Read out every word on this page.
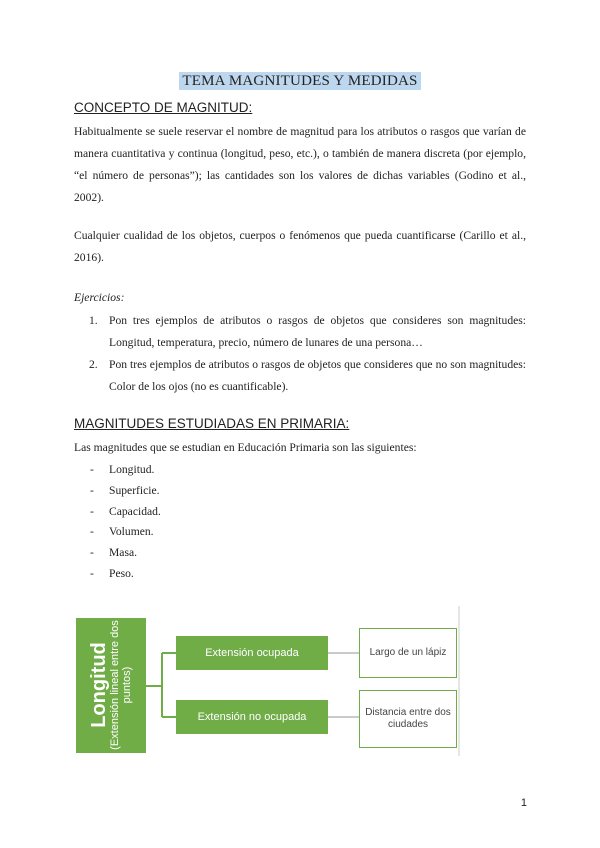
TEMA MAGNITUDES Y MEDIDAS
CONCEPTO DE MAGNITUD:
Habitualmente se suele reservar el nombre de magnitud para los atributos o rasgos que varían de manera cuantitativa y continua (longitud, peso, etc.), o también de manera discreta (por ejemplo, “el número de personas”); las cantidades son los valores de dichas variables (Godino et al., 2002).
Cualquier cualidad de los objetos, cuerpos o fenómenos que pueda cuantificarse (Carillo et al., 2016).
Ejercicios:
1. Pon tres ejemplos de atributos o rasgos de objetos que consideres son magnitudes: Longitud, temperatura, precio, número de lunares de una persona…
2. Pon tres ejemplos de atributos o rasgos de objetos que consideres que no son magnitudes: Color de los ojos (no es cuantificable).
MAGNITUDES ESTUDIADAS EN PRIMARIA:
Las magnitudes que se estudian en Educación Primaria son las siguientes:
- Longitud.
- Superficie.
- Capacidad.
- Volumen.
- Masa.
- Peso.
Longitud (Extensión lineal entre dos puntos)
Extensión ocupada
Extensión no ocupada
Largo de un lápiz
Distancia entre dos ciudades
1
